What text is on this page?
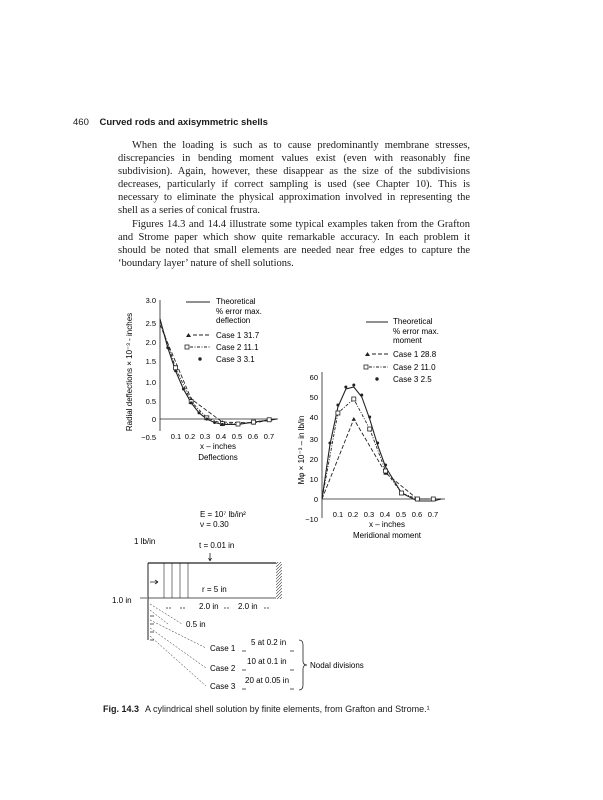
460 Curved rods and axisymmetric shells

When the loading is such as to cause predominantly membrane stresses, discrepancies in bending moment values exist (even with reasonably fine subdivision). Again, however, these disappear as the size of the subdivisions decreases, particularly if correct sampling is used (see Chapter 10). This is necessary to eliminate the physical approximation involved in representing the shell as a series of conical frustra.

Figures 14.3 and 14.4 illustrate some typical examples taken from the Grafton and Strome paper which show quite remarkable accuracy. In each problem it should be noted that small elements are needed near free edges to capture the ‘boundary layer’ nature of shell solutions.

3.0
2.5
2.0
1.5
1.0
0.5
0
−0.5 0.1 0.2 0.3 0.4 0.5 0.6 0.7
x – inches
Deflections
Radial deflections × 10⁻³ - inches
Theoretical
% error max.
deflection
Case 1 31.7
Case 2 11.1
Case 3 3.1
60
50
40
30
20
10
0
−10
0.1 0.2 0.3 0.4 0.5 0.6 0.7
x – inches
Meridional moment
Mφ × 10⁻³ – in lb/in
Theoretical
% error max.
moment
Case 1 28.8
Case 2 11.0
Case 3 2.5
E = 10⁷ lb/in²
ν = 0.30
1 lb/in	t = 0.01 in
r = 5 in
1.0 in
2.0 in 2.0 in
0.5 in
Case 1
Case 2
Case 3
5 at 0.2 in
10 at 0.1 in
20 at 0.05 in
Nodal divisions
Fig. 14.3 A cylindrical shell solution by finite elements, from Grafton and Strome.¹
